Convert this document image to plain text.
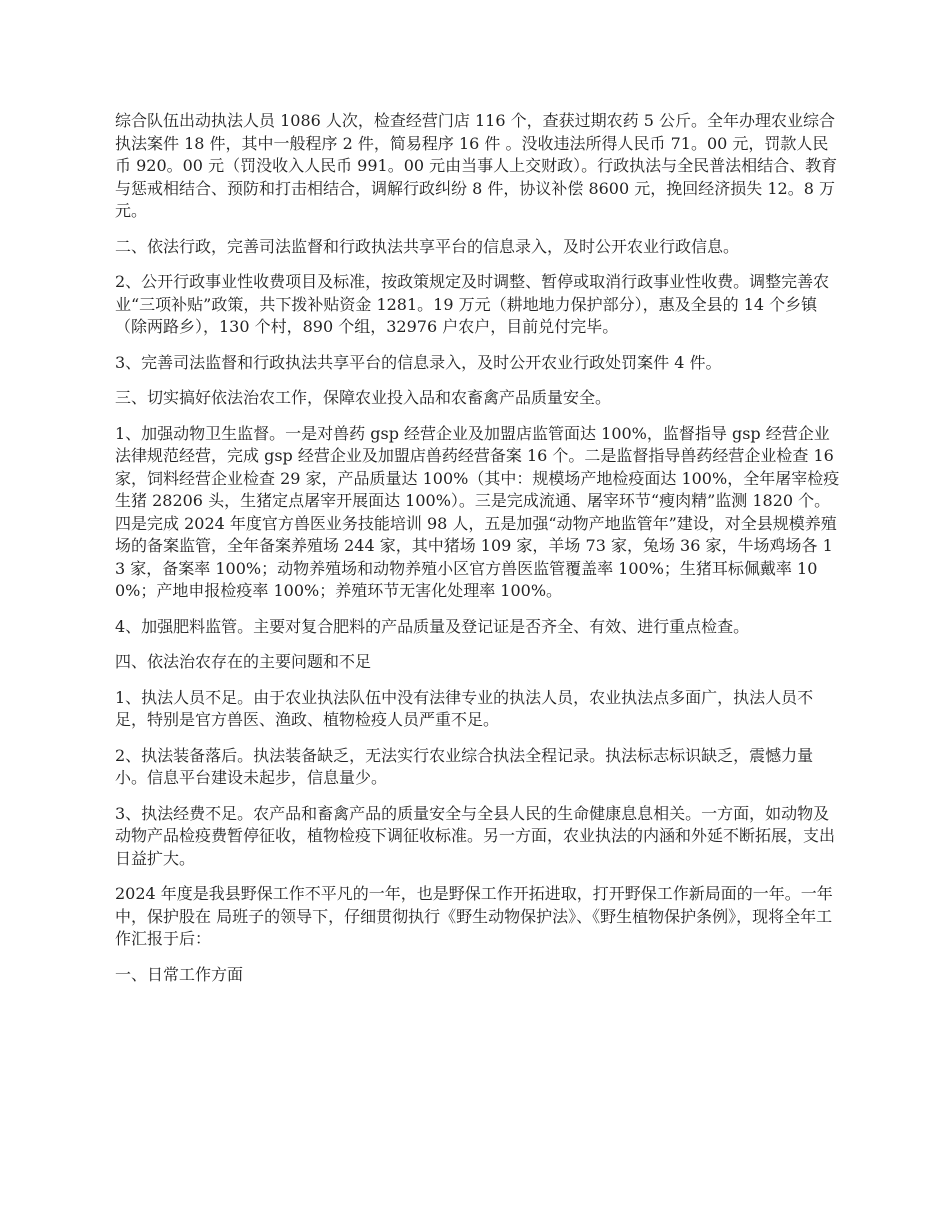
综合队伍出动执法人员 1086 人次，检查经营门店 116 个，查获过期农药 5 公斤。全年办理农业综合执法案件 18 件，其中一般程序 2 件，简易程序 16 件 。没收违法所得人民币 71。00 元，罚款人民币 920。00 元（罚没收入人民币 991。00 元由当事人上交财政）。行政执法与全民普法相结合、教育与惩戒相结合、预防和打击相结合，调解行政纠纷 8 件，协议补偿 8600 元，挽回经济损失 12。8 万元。

二、依法行政，完善司法监督和行政执法共享平台的信息录入，及时公开农业行政信息。

2、公开行政事业性收费项目及标准，按政策规定及时调整、暂停或取消行政事业性收费。调整完善农业“三项补贴”政策，共下拨补贴资金 1281。19 万元（耕地地力保护部分），惠及全县的 14 个乡镇（除两路乡），130 个村，890 个组，32976 户农户，目前兑付完毕。

3、完善司法监督和行政执法共享平台的信息录入，及时公开农业行政处罚案件 4 件。

三、切实搞好依法治农工作，保障农业投入品和农畜禽产品质量安全。

1、加强动物卫生监督。一是对兽药 gsp 经营企业及加盟店监管面达 100%，监督指导 gsp 经营企业法律规范经营，完成 gsp 经营企业及加盟店兽药经营备案 16 个。二是监督指导兽药经营企业检查 16 家，饲料经营企业检查 29 家，产品质量达 100%（其中：规模场产地检疫面达 100%，全年屠宰检疫生猪 28206 头，生猪定点屠宰开展面达 100%）。三是完成流通、屠宰环节“瘦肉精”监测 1820 个。四是完成 2024 年度官方兽医业务技能培训 98 人，五是加强“动物产地监管年”建设，对全县规模养殖场的备案监管，全年备案养殖场 244 家，其中猪场 109 家，羊场 73 家，兔场 36 家，牛场鸡场各 13 家，备案率 100%；动物养殖场和动物养殖小区官方兽医监管覆盖率 100%；生猪耳标佩戴率 100%；产地申报检疫率 100%；养殖环节无害化处理率 100%。

4、加强肥料监管。主要对复合肥料的产品质量及登记证是否齐全、有效、进行重点检查。

四、依法治农存在的主要问题和不足

1、执法人员不足。由于农业执法队伍中没有法律专业的执法人员，农业执法点多面广，执法人员不足，特别是官方兽医、渔政、植物检疫人员严重不足。

2、执法装备落后。执法装备缺乏，无法实行农业综合执法全程记录。执法标志标识缺乏，震憾力量小。信息平台建设未起步，信息量少。

3、执法经费不足。农产品和畜禽产品的质量安全与全县人民的生命健康息息相关。一方面，如动物及动物产品检疫费暂停征收，植物检疫下调征收标准。另一方面，农业执法的内涵和外延不断拓展，支出日益扩大。

2024 年度是我县野保工作不平凡的一年，也是野保工作开拓进取，打开野保工作新局面的一年。一年中，保护股在 局班子的领导下，仔细贯彻执行《野生动物保护法》、《野生植物保护条例》，现将全年工作汇报于后：

一、日常工作方面
